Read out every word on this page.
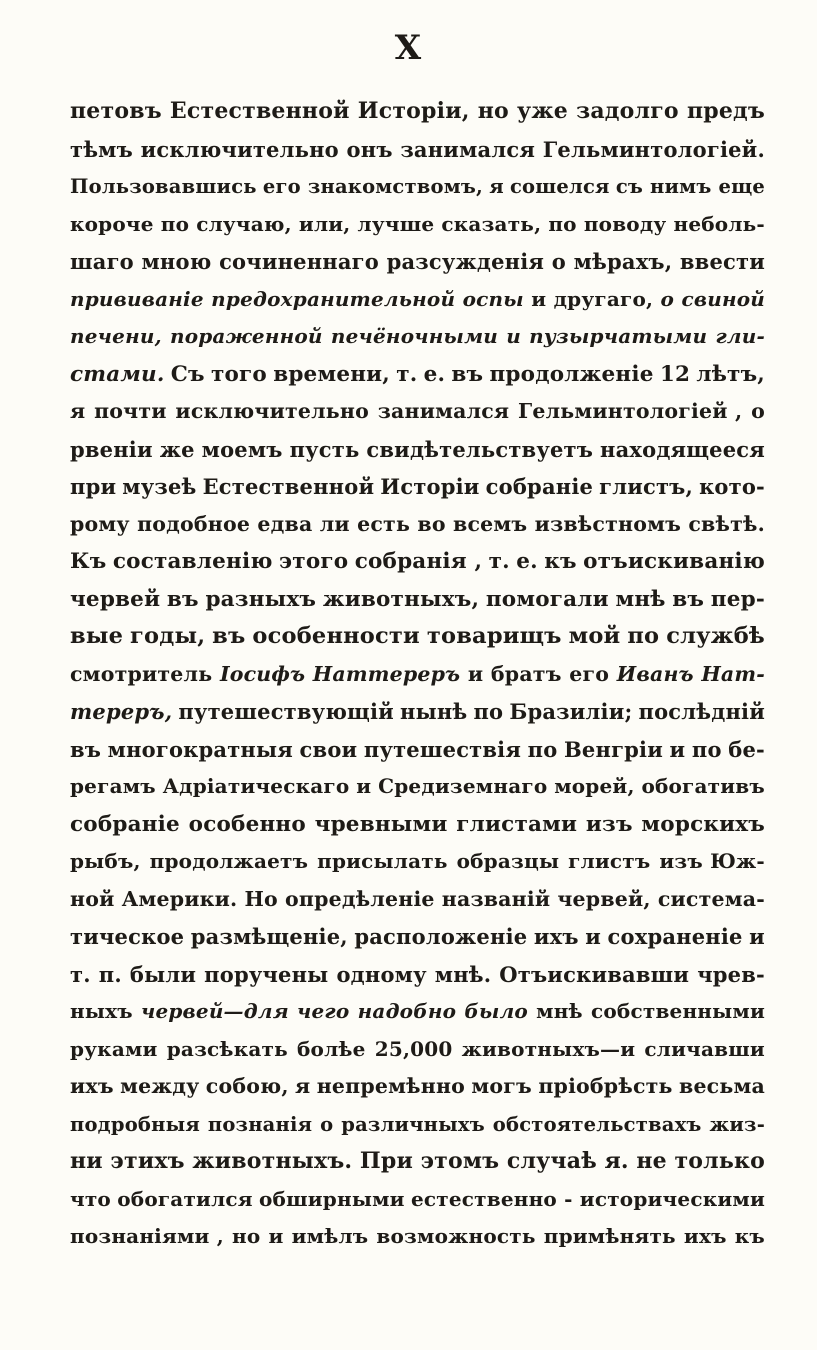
X
петовъ Естественной Исторіи, но уже задолго предъ
тѣмъ исключительно онъ занимался Гельминтологіей.
Пользовавшись его знакомствомъ, я сошелся съ нимъ еще
короче по случаю, или, лучше сказать, по поводу неболь-
шаго мною сочиненнаго разсужденія о мѣрахъ, ввести
прививаніе предохранительной оспы и другаго, о свиной
печени, пораженной печёночными и пузырчатыми гли-
стами. Съ того времени, т. е. въ продолженіе 12 лѣтъ,
я почти исключительно занимался Гельминтологіей , о
рвеніи же моемъ пусть свидѣтельствуетъ находящееся
при музеѣ Естественной Исторіи собраніе глистъ, кото-
рому подобное едва ли есть во всемъ извѣстномъ свѣтѣ.
Къ составленію этого собранія , т. е. къ отъискиванію
червей въ разныхъ животныхъ, помогали мнѣ въ пер-
вые годы, въ особенности товарищъ мой по службѣ
смотритель Іосифъ Наттереръ и братъ его Иванъ Нат-
тереръ, путешествующій нынѣ по Бразиліи; послѣдній
въ многократныя свои путешествія по Венгріи и по бе-
регамъ Адріатическаго и Средиземнаго морей, обогативъ
собраніе особенно чревными глистами изъ морскихъ
рыбъ, продолжаетъ присылать образцы глистъ изъ Юж-
ной Америки. Но опредѣленіе названій червей, системa-
тическое размѣщеніе, расположеніе ихъ и сохраненіе и
т. п. были поручены одному мнѣ. Отъискивавши чрев-
ныхъ червей—для чего надобно было мнѣ собственными
руками разсѣкать болѣе 25,000 животныхъ—и сличавши
ихъ между собою, я непремѣнно могъ пріобрѣсть весьма
подробныя познанія о различныхъ обстоятельствахъ жиз-
ни этихъ животныхъ. При этомъ случаѣ я. не только
что обогатился обширными естественно - историческими
познаніями , но и имѣлъ возможность примѣнять ихъ къ
